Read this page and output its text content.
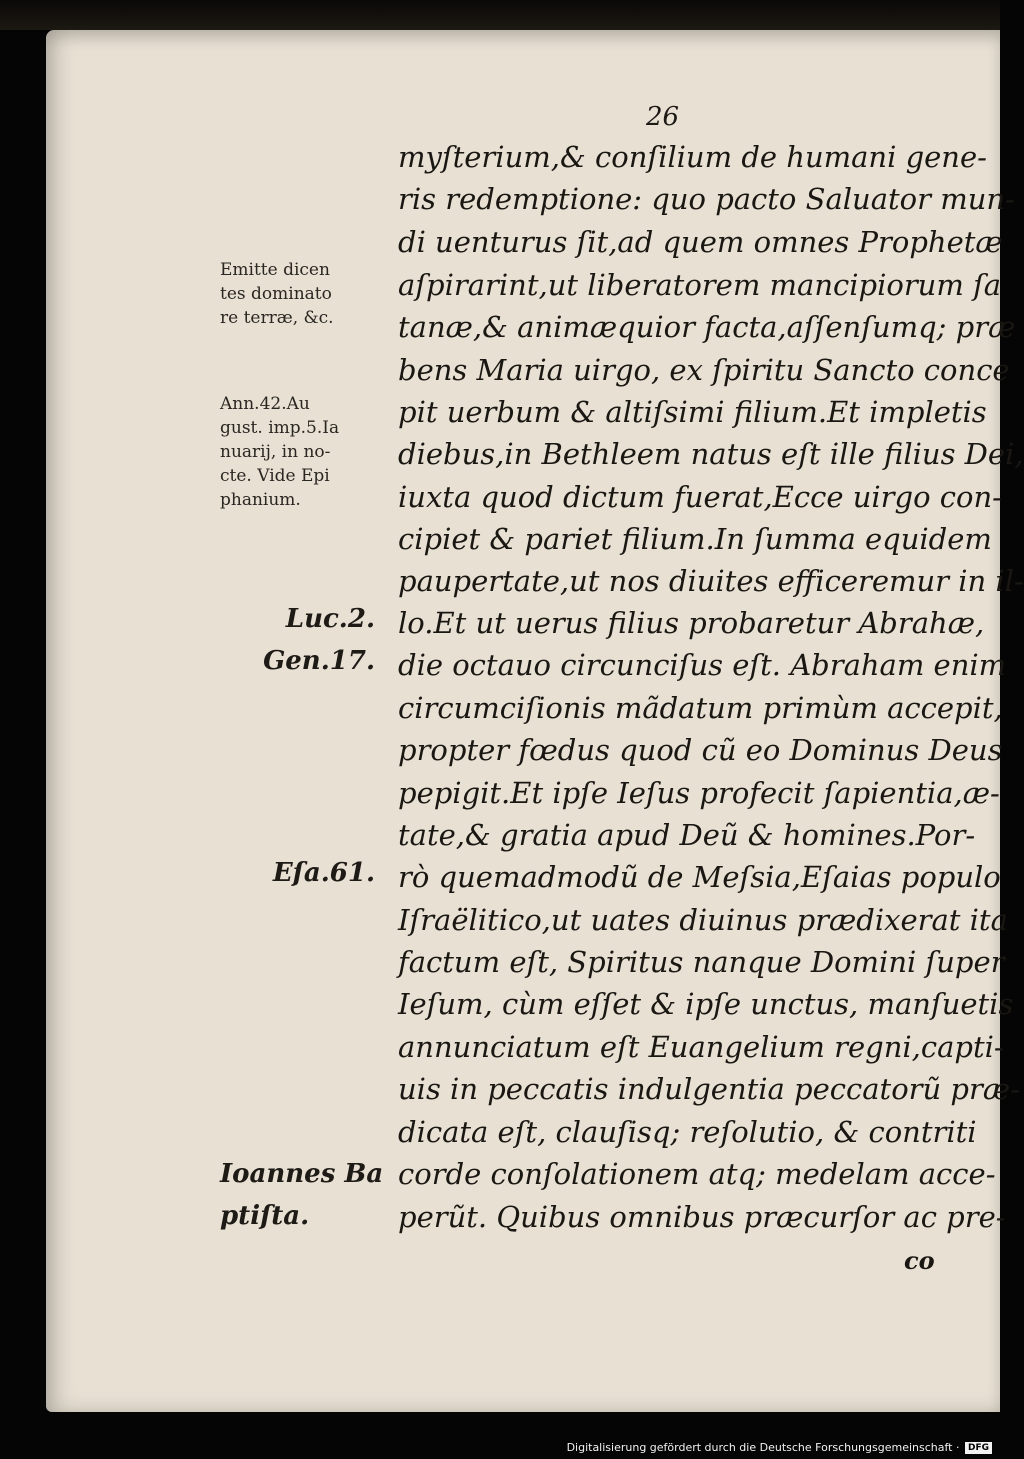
26
myſterium,& conſilium de humani gene-
ris redemptione: quo pacto Saluator mun-
di uenturus ſit,ad quem omnes Prophetæ
aſpirarint,ut liberatorem mancipiorum ſa
tanæ,& animæquior facta,aſſenſumq; præ
bens Maria uirgo, ex ſpiritu Sancto conce
pit uerbum & altiſsimi filium.Et impletis
diebus,in Bethleem natus eſt ille filius Dei,
iuxta quod dictum fuerat,Ecce uirgo con-
cipiet & pariet filium.In ſumma equidem
paupertate,ut nos diuites efficeremur in il-
lo.Et ut uerus filius probaretur Abrahæ,
die octauo circunciſus eſt. Abraham enim
circumciſionis mãdatum primùm accepit,
propter fœdus quod cũ eo Dominus Deus
pepigit.Et ipſe Ieſus profecit ſapientia,æ-
tate,& gratia apud Deũ & homines.Por-
rò quemadmodũ de Meſsia,Eſaias populo
Iſraëlitico,ut uates diuinus prædixerat ita
factum eſt, Spiritus nanque Domini ſuper
Ieſum, cùm eſſet & ipſe unctus, manſuetis
annunciatum eſt Euangelium regni,capti-
uis in peccatis indulgentia peccatorũ præ-
dicata eſt, clauſisq; reſolutio, & contriti
corde conſolationem atq; medelam acce-
perũt. Quibus omnibus præcurſor ac pre-
co
Emitte dicen
tes dominato
re terræ, &c.
Ann.42.Au
gust. imp.5.Ia
nuarij, in no-
cte. Vide Epi
phanium.
Luc.2.
Gen.17.
Eſa.61.
Ioannes Ba
ptiſta.
Digitalisierung gefördert durch die Deutsche Forschungsgemeinschaft · DFG
